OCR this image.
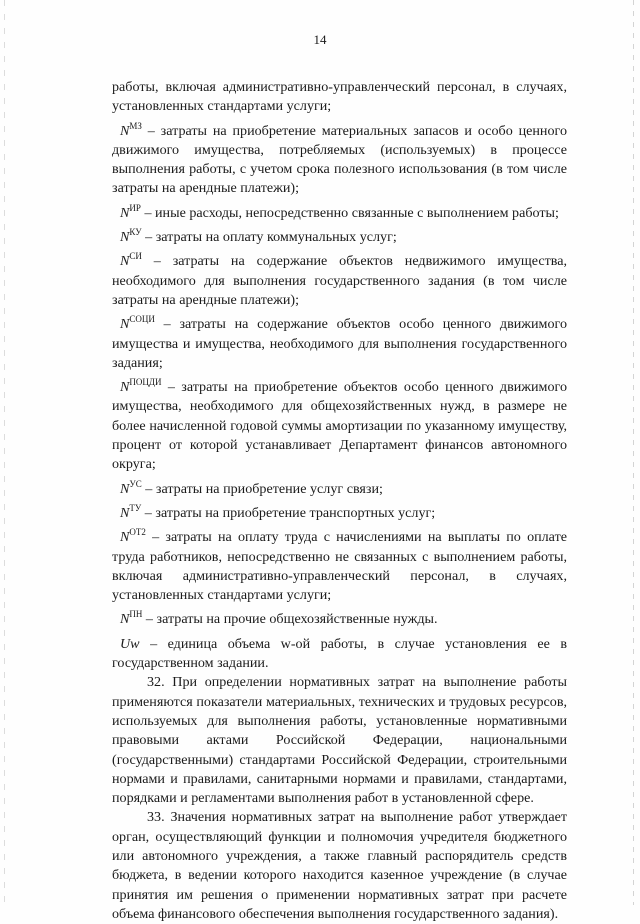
14

работы, включая административно-управленческий персонал, в случаях, установленных стандартами услуги;

$N^{МЗ}$ – затраты на приобретение материальных запасов и особо ценного движимого имущества, потребляемых (используемых) в процессе выполнения работы, с учетом срока полезного использования (в том числе затраты на арендные платежи);

$N^{ИР}$ – иные расходы, непосредственно связанные с выполнением работы;

$N^{КУ}$ – затраты на оплату коммунальных услуг;

$N^{СИ}$ – затраты на содержание объектов недвижимого имущества, необходимого для выполнения государственного задания (в том числе затраты на арендные платежи);

$N^{СОЦИ}$ – затраты на содержание объектов особо ценного движимого имущества и имущества, необходимого для выполнения государственного задания;

$N^{ПОЦДИ}$ – затраты на приобретение объектов особо ценного движимого имущества, необходимого для общехозяйственных нужд, в размере не более начисленной годовой суммы амортизации по указанному имуществу, процент от которой устанавливает Департамент финансов автономного округа;

$N^{УС}$ – затраты на приобретение услуг связи;

$N^{ТУ}$ – затраты на приобретение транспортных услуг;

$N^{ОТ2}$ – затраты на оплату труда с начислениями на выплаты по оплате труда работников, непосредственно не связанных с выполнением работы, включая административно-управленческий персонал, в случаях, установленных стандартами услуги;

$N^{ПН}$ – затраты на прочие общехозяйственные нужды.

Uw – единица объема w-ой работы, в случае установления ее в государственном задании.

32. При определении нормативных затрат на выполнение работы применяются показатели материальных, технических и трудовых ресурсов, используемых для выполнения работы, установленные нормативными правовыми актами Российской Федерации, национальными (государственными) стандартами Российской Федерации, строительными нормами и правилами, санитарными нормами и правилами, стандартами, порядками и регламентами выполнения работ в установленной сфере.

33. Значения нормативных затрат на выполнение работ утверждает орган, осуществляющий функции и полномочия учредителя бюджетного или автономного учреждения, а также главный распорядитель средств бюджета, в ведении которого находится казенное учреждение (в случае принятия им решения о применении нормативных затрат при расчете объема финансового обеспечения выполнения государственного задания).
